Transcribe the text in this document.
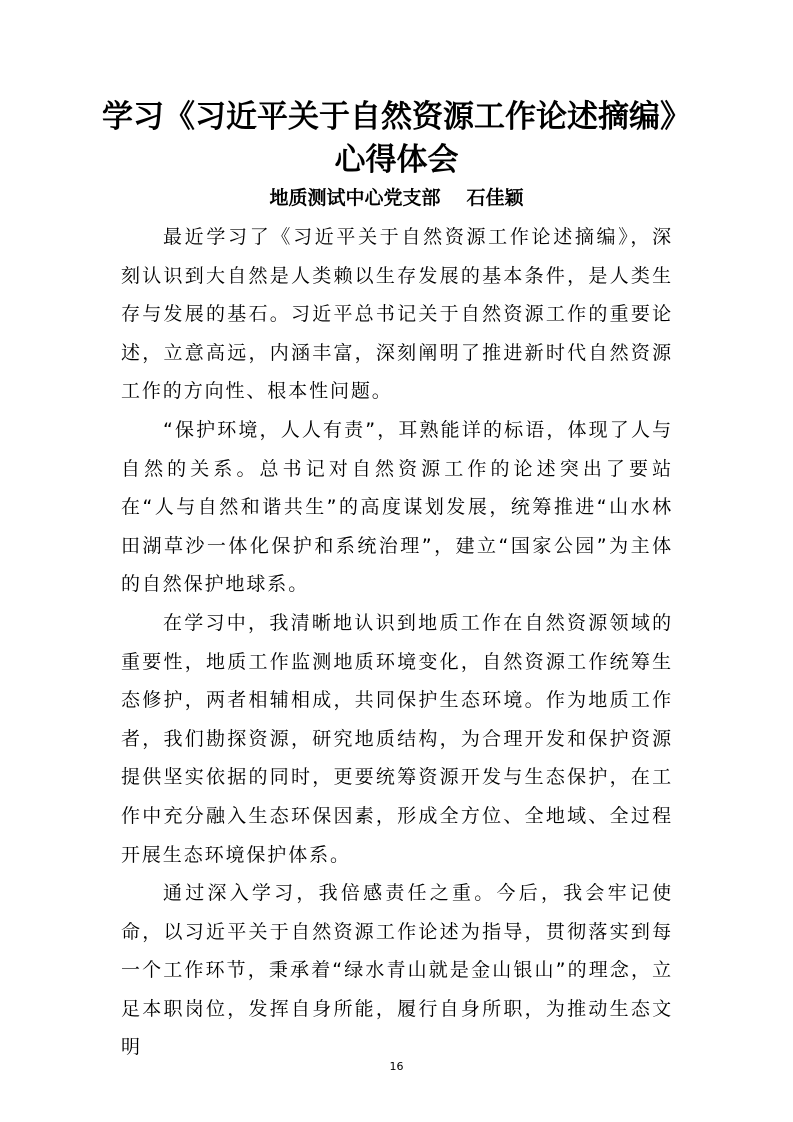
学习《习近平关于自然资源工作论述摘编》
心得体会
地质测试中心党支部 石佳颖

最近学习了《习近平关于自然资源工作论述摘编》，深刻认识到大自然是人类赖以生存发展的基本条件，是人类生存与发展的基石。习近平总书记关于自然资源工作的重要论述，立意高远，内涵丰富，深刻阐明了推进新时代自然资源工作的方向性、根本性问题。

“保护环境，人人有责”，耳熟能详的标语，体现了人与自然的关系。总书记对自然资源工作的论述突出了要站在“人与自然和谐共生”的高度谋划发展，统筹推进“山水林田湖草沙一体化保护和系统治理”，建立“国家公园”为主体的自然保护地球系。

在学习中，我清晰地认识到地质工作在自然资源领域的重要性，地质工作监测地质环境变化，自然资源工作统筹生态修护，两者相辅相成，共同保护生态环境。作为地质工作者，我们勘探资源，研究地质结构，为合理开发和保护资源提供坚实依据的同时，更要统筹资源开发与生态保护，在工作中充分融入生态环保因素，形成全方位、全地域、全过程开展生态环境保护体系。

通过深入学习，我倍感责任之重。今后，我会牢记使命，以习近平关于自然资源工作论述为指导，贯彻落实到每一个工作环节，秉承着“绿水青山就是金山银山”的理念，立足本职岗位，发挥自身所能，履行自身所职，为推动生态文明

16
